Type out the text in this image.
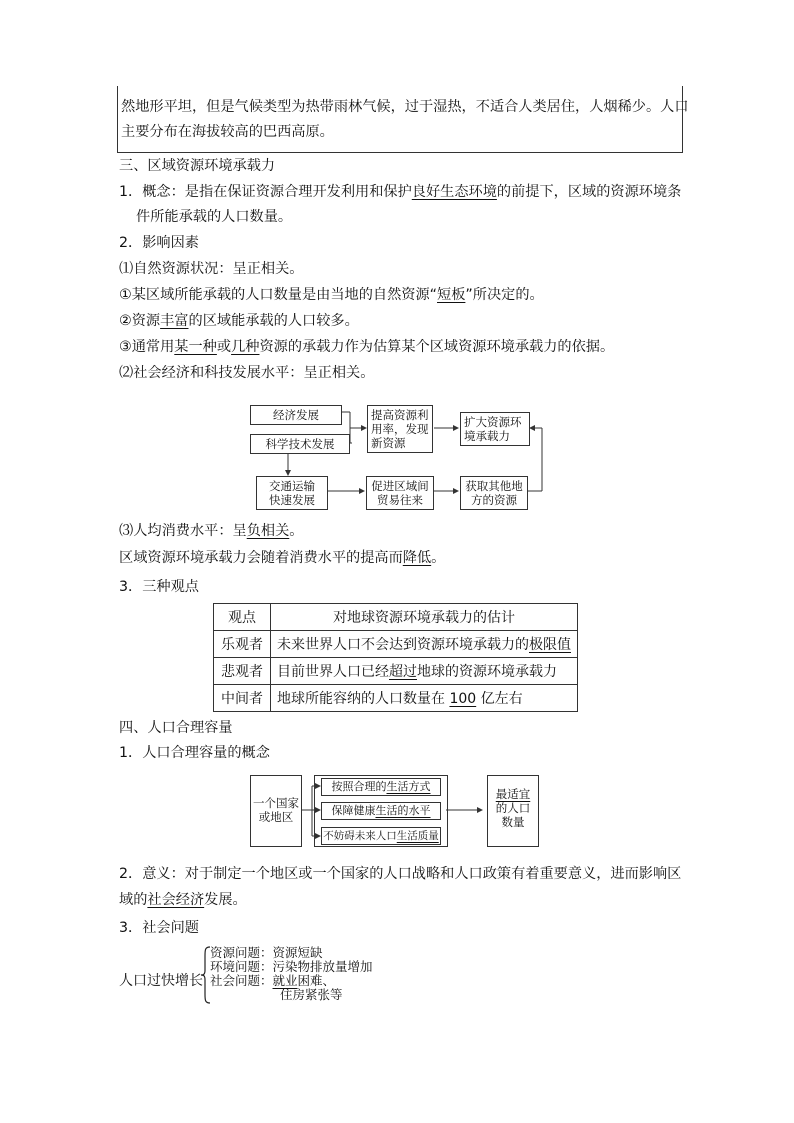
然地形平坦，但是气候类型为热带雨林气候，过于湿热，不适合人类居住，人烟稀少。人口
主要分布在海拔较高的巴西高原。
三、区域资源环境承载力
1．概念：是指在保证资源合理开发利用和保护良好生态环境的前提下，区域的资源环境条
件所能承载的人口数量。
2．影响因素
⑴自然资源状况：呈正相关。
①某区域所能承载的人口数量是由当地的自然资源“短板”所决定的。
②资源丰富的区域能承载的人口较多。
③通常用某一种或几种资源的承载力作为估算某个区域资源环境承载力的依据。
⑵社会经济和科技发展水平：呈正相关。
经济发展
科学技术发展
提高资源利
用率，发现
新资源
扩大资源环
境承载力
交通运输
快速发展
促进区域间
贸易往来
获取其他地
方的资源
⑶人均消费水平：呈负相关。
区域资源环境承载力会随着消费水平的提高而降低。
3．三种观点
观点	对地球资源环境承载力的估计
乐观者	未来世界人口不会达到资源环境承载力的极限值
悲观者	目前世界人口已经超过地球的资源环境承载力
中间者	地球所能容纳的人口数量在 100 亿左右
四、人口合理容量
1．人口合理容量的概念
一个国家
或地区
按照合理的生活方式
保障健康生活的水平
不妨碍未来人口生活质量
最适宜
的人口
数量
2．意义：对于制定一个地区或一个国家的人口战略和人口政策有着重要意义，进而影响区
域的社会经济发展。
3．社会问题
人口过快增长
资源问题：资源短缺
环境问题：污染物排放量增加
社会问题：就业困难、
住房紧张等
